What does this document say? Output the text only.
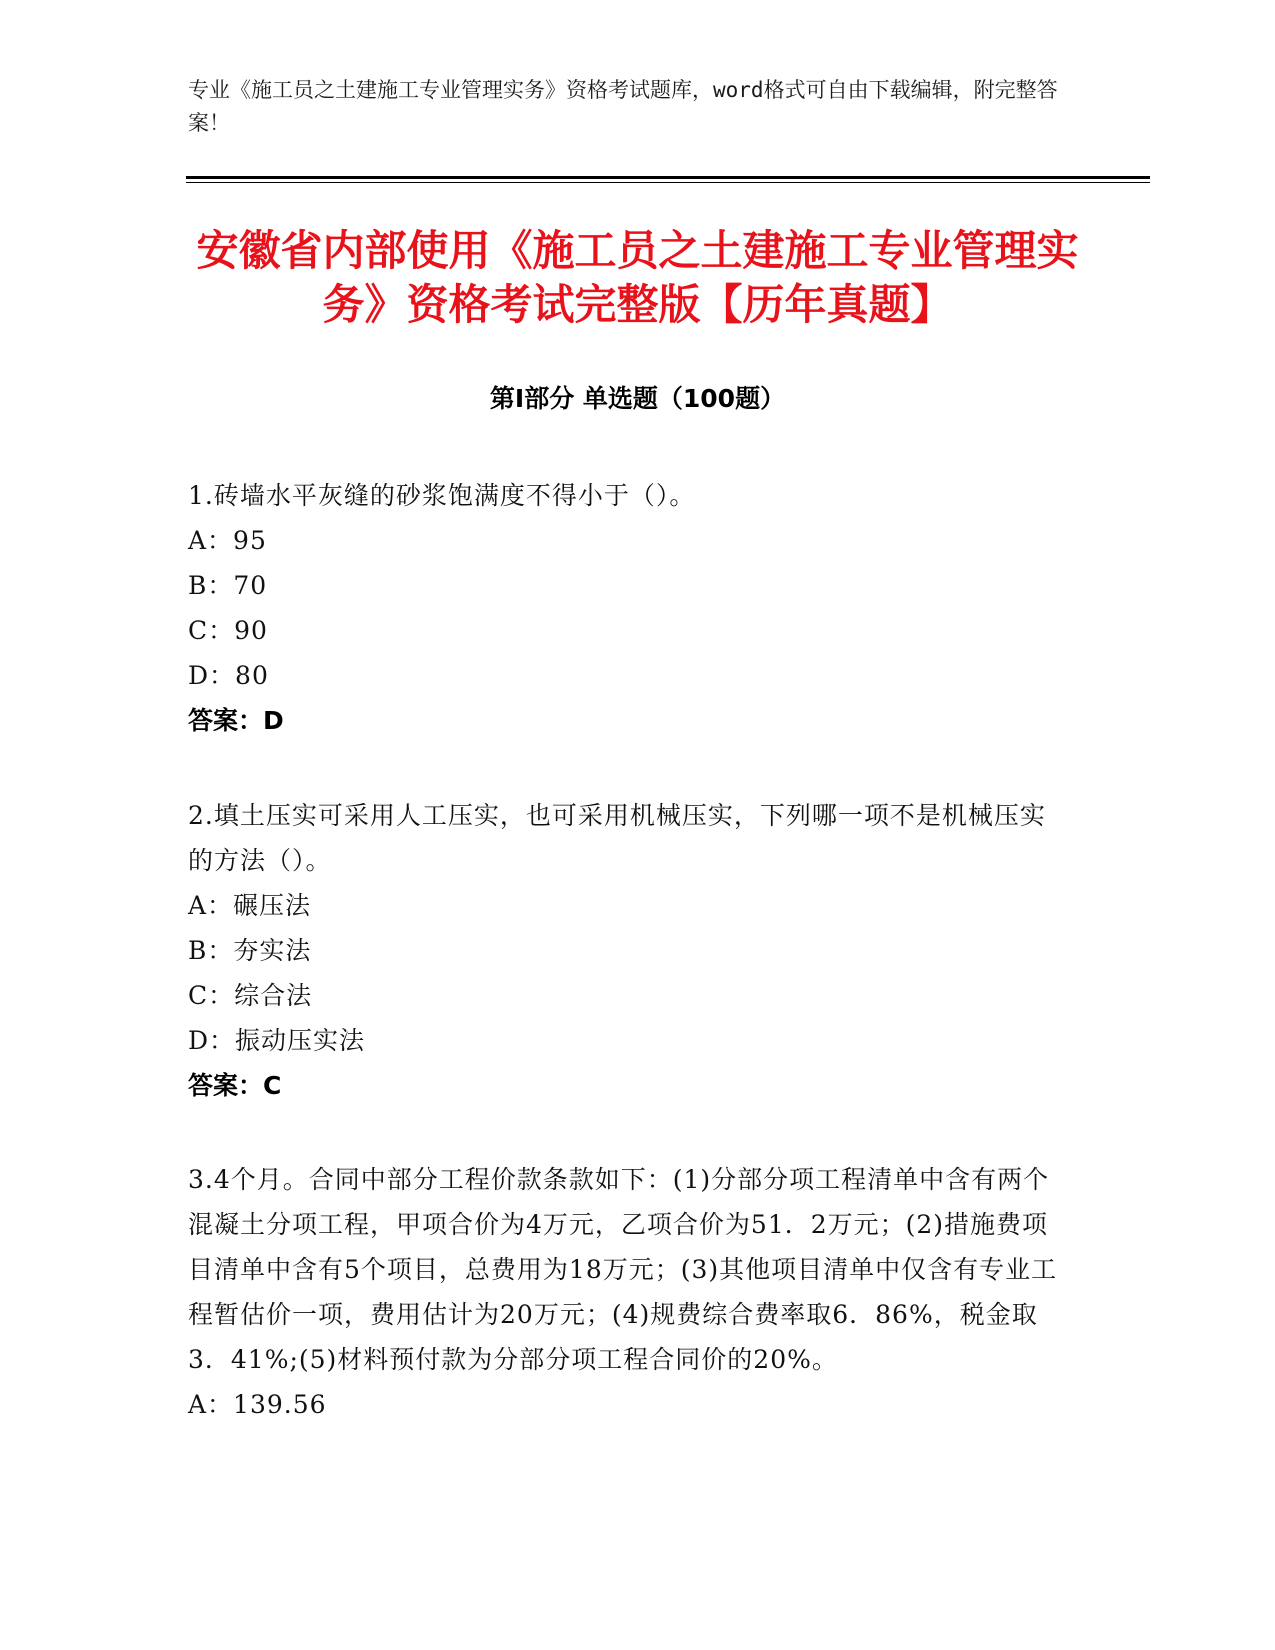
专业《施工员之土建施工专业管理实务》资格考试题库，word格式可自由下载编辑，附完整答案！

安徽省内部使用《施工员之土建施工专业管理实务》资格考试完整版【历年真题】
第Ⅰ部分 单选题（100题）

1.砖墙水平灰缝的砂浆饱满度不得小于（）。

A：95

B：70

C：90

D：80

答案：D

2.填土压实可采用人工压实，也可采用机械压实，下列哪一项不是机械压实的方法（）。

A：碾压法

B：夯实法

C：综合法

D：振动压实法

答案：C

3.4个月。合同中部分工程价款条款如下：(1)分部分项工程清单中含有两个混凝土分项工程，甲项合价为4万元，乙项合价为51．2万元；(2)措施费项目清单中含有5个项目，总费用为18万元；(3)其他项目清单中仅含有专业工程暂估价一项，费用估计为20万元；(4)规费综合费率取6．86%，税金取3．41%;(5)材料预付款为分部分项工程合同价的20%。

A：139.56
